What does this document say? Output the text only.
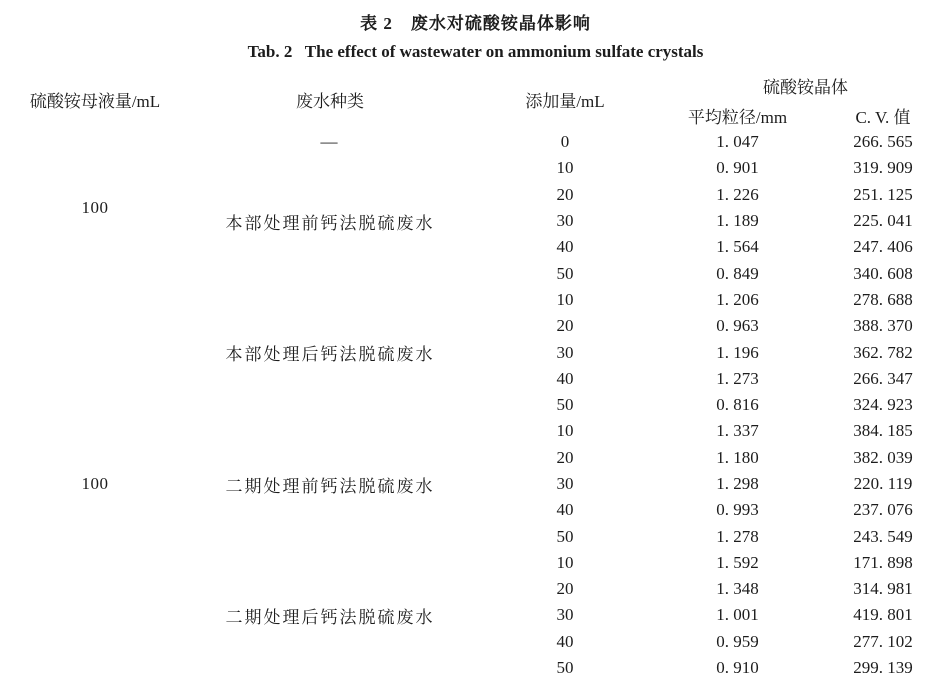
表 2　废水对硫酸铵晶体影响
Tab. 2   The effect of wastewater on ammonium sulfate crystals
硫酸铵母液量/mL	废水种类	添加量/mL	硫酸铵晶体	
			平均粒径/mm	C. V. 值
100	—	0	1. 047	266. 565
	本部处理前钙法脱硫废水	10	0. 901	319. 909
		20	1. 226	251. 125
		30	1. 189	225. 041
		40	1. 564	247. 406
		50	0. 849	340. 608
	本部处理后钙法脱硫废水	10	1. 206	278. 688
		20	0. 963	388. 370
		30	1. 196	362. 782
		40	1. 273	266. 347
		50	0. 816	324. 923
100	二期处理前钙法脱硫废水	10	1. 337	384. 185
		20	1. 180	382. 039
		30	1. 298	220. 119
		40	0. 993	237. 076
		50	1. 278	243. 549
	二期处理后钙法脱硫废水	10	1. 592	171. 898
		20	1. 348	314. 981
		30	1. 001	419. 801
		40	0. 959	277. 102
		50	0. 910	299. 139
